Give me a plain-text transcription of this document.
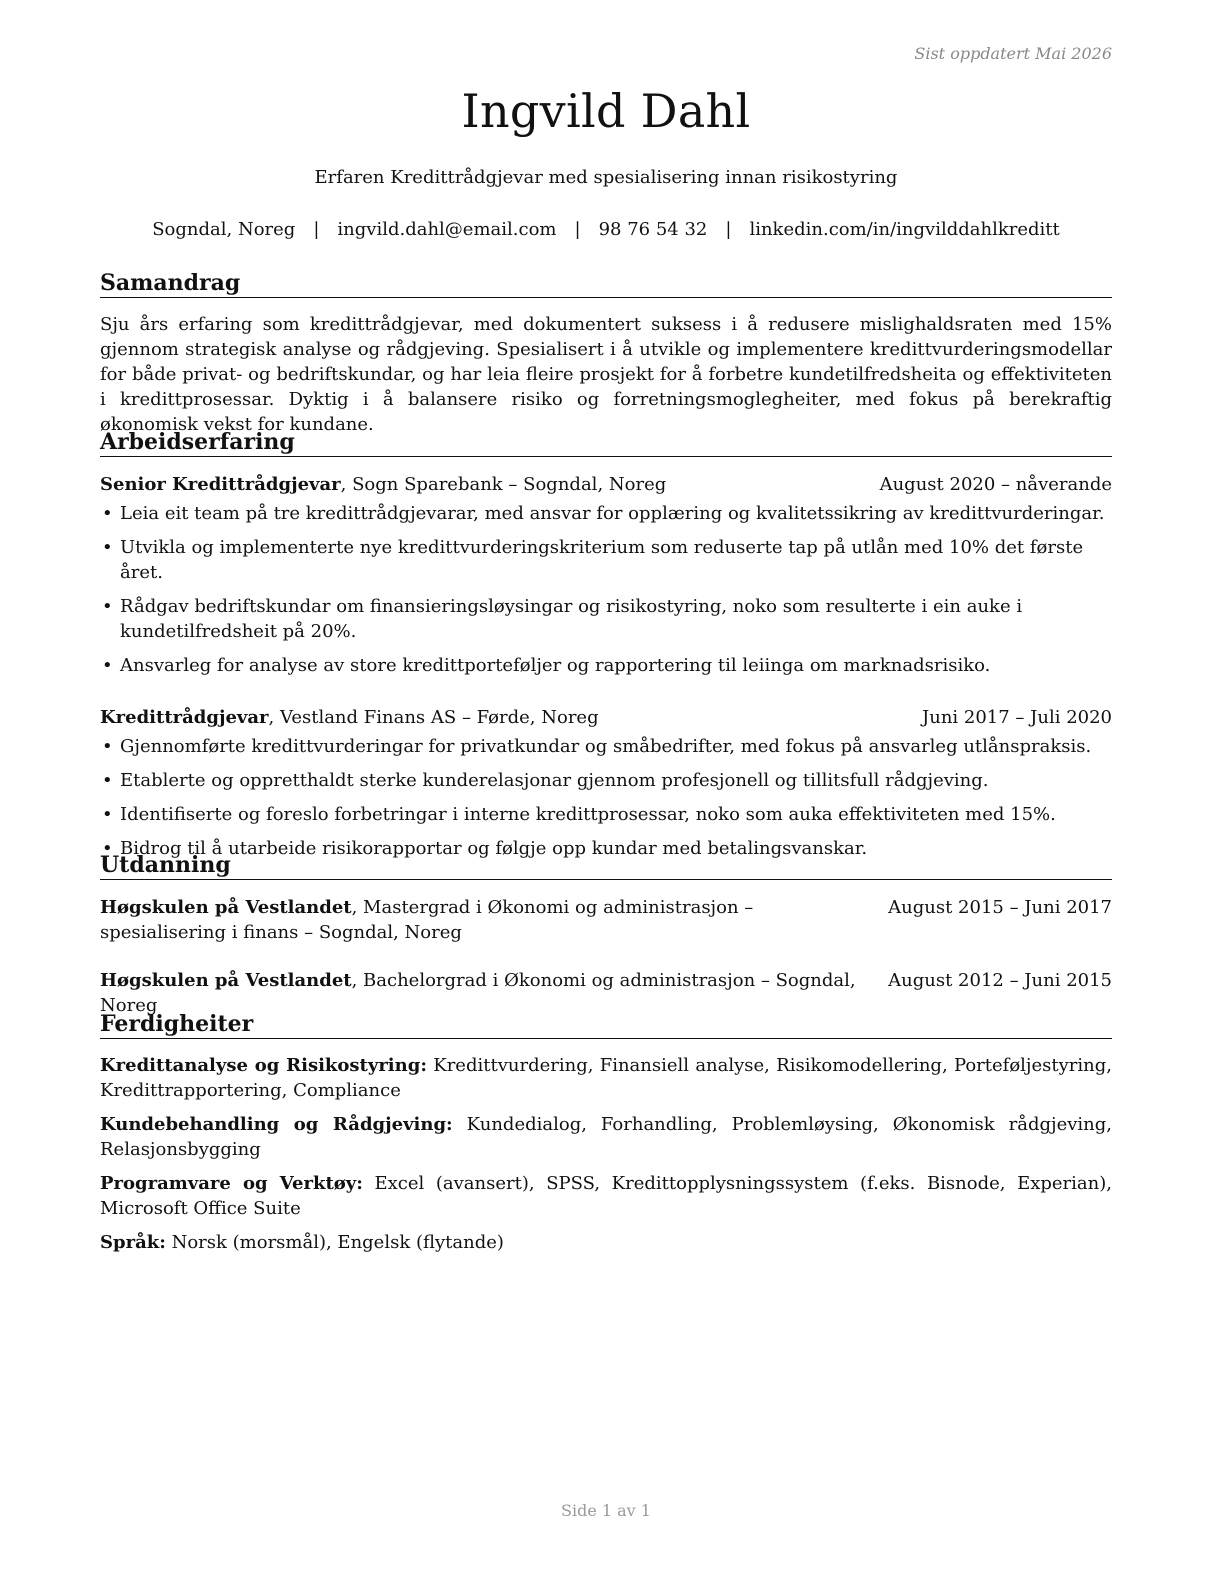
Sist oppdatert Mai 2026
Ingvild Dahl
Erfaren Kredittrådgjevar med spesialisering innan risikostyring
Sogndal, Noreg | ingvild.dahl@email.com | 98 76 54 32 | linkedin.com/in/ingvilddahlkreditt
Samandrag
Sju års erfaring som kredittrådgjevar, med dokumentert suksess i å redusere mislighaldsraten med 15% gjennom strategisk analyse og rådgjeving. Spesialisert i å utvikle og implementere kredittvurderingsmodellar for både privat- og bedriftskundar, og har leia fleire prosjekt for å forbetre kundetilfredsheita og effektiviteten i kredittprosessar. Dyktig i å balansere risiko og forretningsmoglegheiter, med fokus på berekraftig økonomisk vekst for kundane.
Arbeidserfaring
Senior Kredittrådgjevar, Sogn Sparebank – Sogndal, Noreg	August 2020 – nåverande
• Leia eit team på tre kredittrådgjevarar, med ansvar for opplæring og kvalitetssikring av kredittvurderingar.
• Utvikla og implementerte nye kredittvurderingskriterium som reduserte tap på utlån med 10% det første året.
• Rådgav bedriftskundar om finansieringsløysingar og risikostyring, noko som resulterte i ein auke i kundetilfredsheit på 20%.
• Ansvarleg for analyse av store kredittporteføljer og rapportering til leiinga om marknadsrisiko.
Kredittrådgjevar, Vestland Finans AS – Førde, Noreg	Juni 2017 – Juli 2020
• Gjennomførte kredittvurderingar for privatkundar og småbedrifter, med fokus på ansvarleg utlånspraksis.
• Etablerte og oppretthaldt sterke kunderelasjonar gjennom profesjonell og tillitsfull rådgjeving.
• Identifiserte og foreslo forbetringar i interne kredittprosessar, noko som auka effektiviteten med 15%.
• Bidrog til å utarbeide risikorapportar og følgje opp kundar med betalingsvanskar.
Utdanning
Høgskulen på Vestlandet, Mastergrad i Økonomi og administrasjon – spesialisering i finans – Sogndal, Noreg
August 2015 – Juni 2017
Høgskulen på Vestlandet, Bachelorgrad i Økonomi og administrasjon – Sogndal, Noreg
August 2012 – Juni 2015
Ferdigheiter
Kredittanalyse og Risikostyring: Kredittvurdering, Finansiell analyse, Risikomodellering, Porteføljestyring, Kredittrapportering, Compliance
Kundebehandling og Rådgjeving: Kundedialog, Forhandling, Problemløysing, Økonomisk rådgjeving, Relasjonsbygging
Programvare og Verktøy: Excel (avansert), SPSS, Kredittopplysningssystem (f.eks. Bisnode, Experian), Microsoft Office Suite
Språk: Norsk (morsmål), Engelsk (flytande)
Side 1 av 1
